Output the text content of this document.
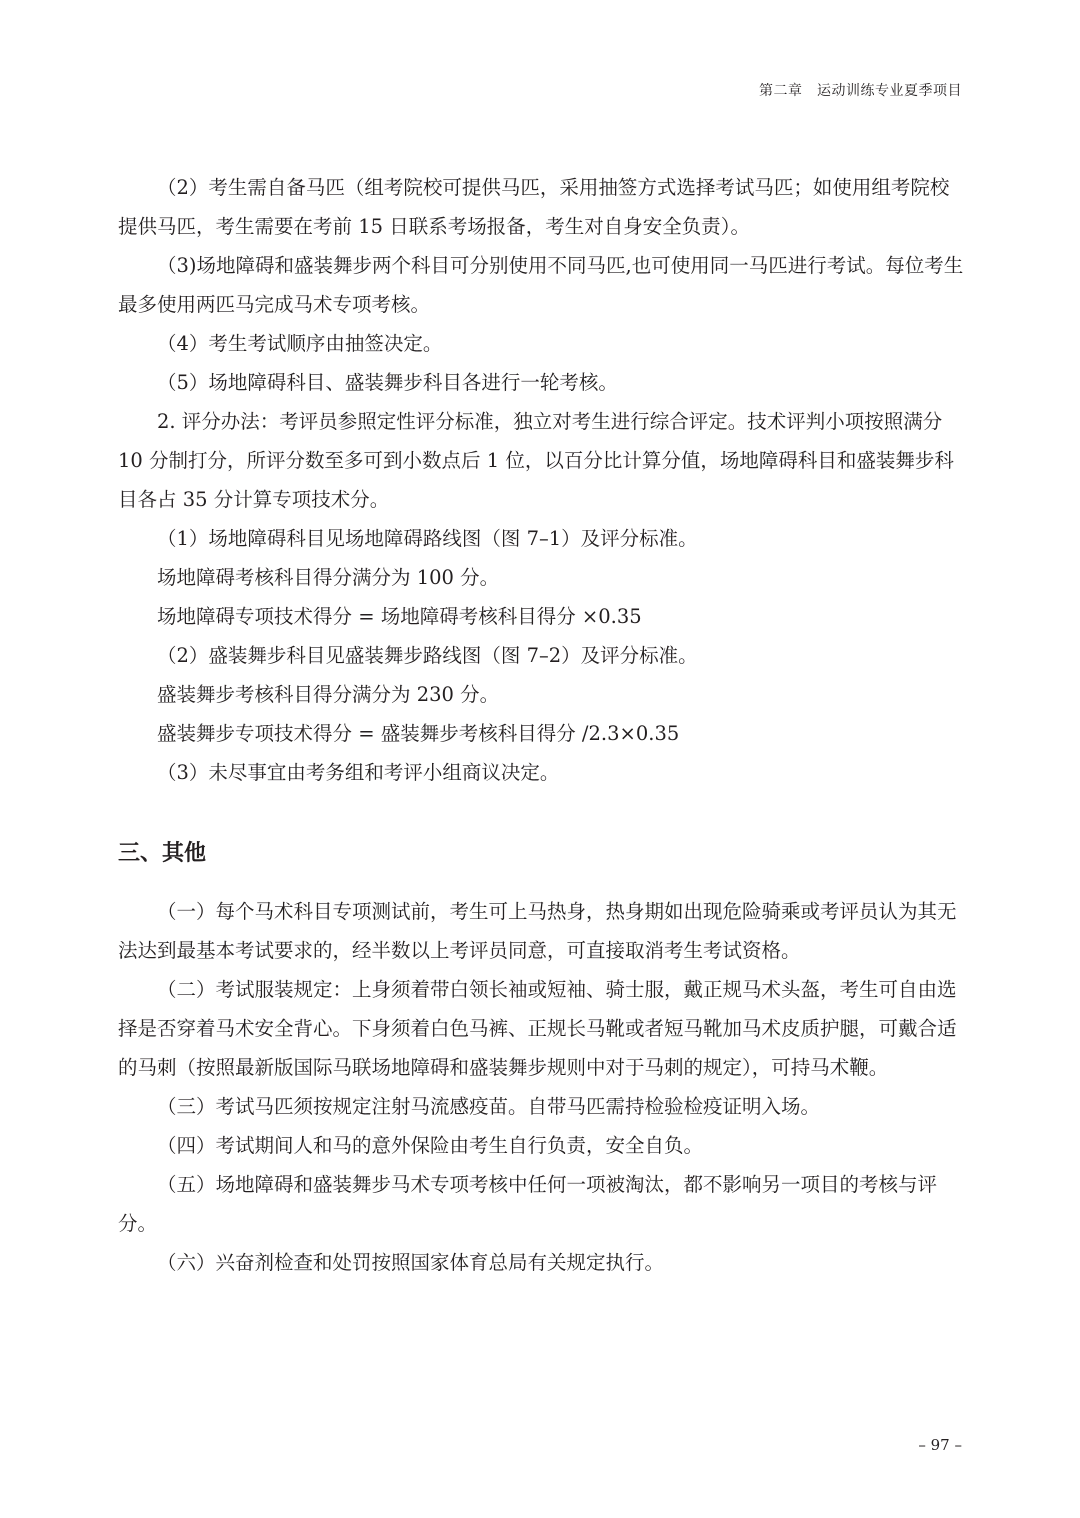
第二章　运动训练专业夏季项目

（2）考生需自备马匹（组考院校可提供马匹，采用抽签方式选择考试马匹；如使用组考院校提供马匹，考生需要在考前 15 日联系考场报备，考生对自身安全负责）。

（3)场地障碍和盛装舞步两个科目可分别使用不同马匹,也可使用同一马匹进行考试。每位考生最多使用两匹马完成马术专项考核。

（4）考生考试顺序由抽签决定。

（5）场地障碍科目、盛装舞步科目各进行一轮考核。

2. 评分办法：考评员参照定性评分标准，独立对考生进行综合评定。技术评判小项按照满分 10 分制打分，所评分数至多可到小数点后 1 位，以百分比计算分值，场地障碍科目和盛装舞步科目各占 35 分计算专项技术分。

（1）场地障碍科目见场地障碍路线图（图 7–1）及评分标准。

场地障碍考核科目得分满分为 100 分。

场地障碍专项技术得分 = 场地障碍考核科目得分 ×0.35

（2）盛装舞步科目见盛装舞步路线图（图 7–2）及评分标准。

盛装舞步考核科目得分满分为 230 分。

盛装舞步专项技术得分 = 盛装舞步考核科目得分 /2.3×0.35

（3）未尽事宜由考务组和考评小组商议决定。

三、其他

（一）每个马术科目专项测试前，考生可上马热身，热身期如出现危险骑乘或考评员认为其无法达到最基本考试要求的，经半数以上考评员同意，可直接取消考生考试资格。

（二）考试服装规定：上身须着带白领长袖或短袖、骑士服，戴正规马术头盔，考生可自由选择是否穿着马术安全背心。下身须着白色马裤、正规长马靴或者短马靴加马术皮质护腿，可戴合适的马刺（按照最新版国际马联场地障碍和盛装舞步规则中对于马刺的规定），可持马术鞭。

（三）考试马匹须按规定注射马流感疫苗。自带马匹需持检验检疫证明入场。

（四）考试期间人和马的意外保险由考生自行负责，安全自负。

（五）场地障碍和盛装舞步马术专项考核中任何一项被淘汰，都不影响另一项目的考核与评分。

（六）兴奋剂检查和处罚按照国家体育总局有关规定执行。

– 97 –
